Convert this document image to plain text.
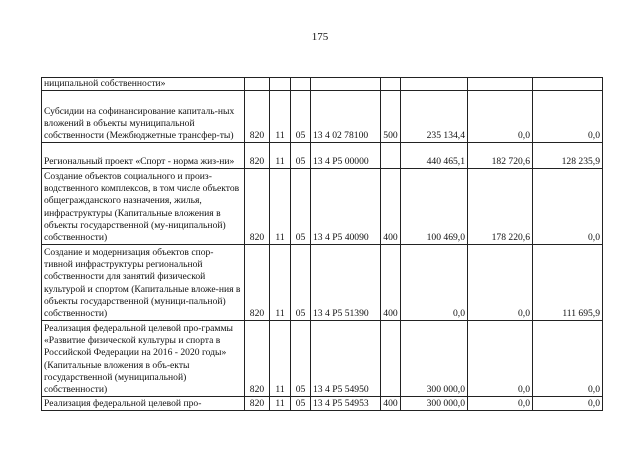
175
ниципальной собственности»								
Субсидии на софинансирование капиталь-ных вложений в объекты муниципальной собственности (Межбюджетные трансфер-ты)	820	11	05	13 4 02 78100	500	235 134,4	0,0	0,0
Региональный проект «Спорт - норма жиз-ни»	820	11	05	13 4 P5 00000		440 465,1	182 720,6	128 235,9
Создание объектов социального и произ-водственного комплексов, в том числе объектов общегражданского назначения, жилья, инфраструктуры (Капитальные вложения в объекты государственной (му-ниципальной) собственности)	820	11	05	13 4 P5 40090	400	100 469,0	178 220,6	0,0
Создание и модернизация объектов спор-тивной инфраструктуры региональной собственности для занятий физической культурой и спортом (Капитальные вложе-ния в объекты государственной (муници-пальной) собственности)	820	11	05	13 4 P5 51390	400	0,0	0,0	111 695,9
Реализация федеральной целевой про-граммы «Развитие физической культуры и спорта в Российской Федерации на 2016 - 2020 годы» (Капитальные вложения в объ-екты государственной (муниципальной) собственности)	820	11	05	13 4 P5 54950		300 000,0	0,0	0,0
Реализация федеральной целевой про-	820	11	05	13 4 P5 54953	400	300 000,0	0,0	0,0
